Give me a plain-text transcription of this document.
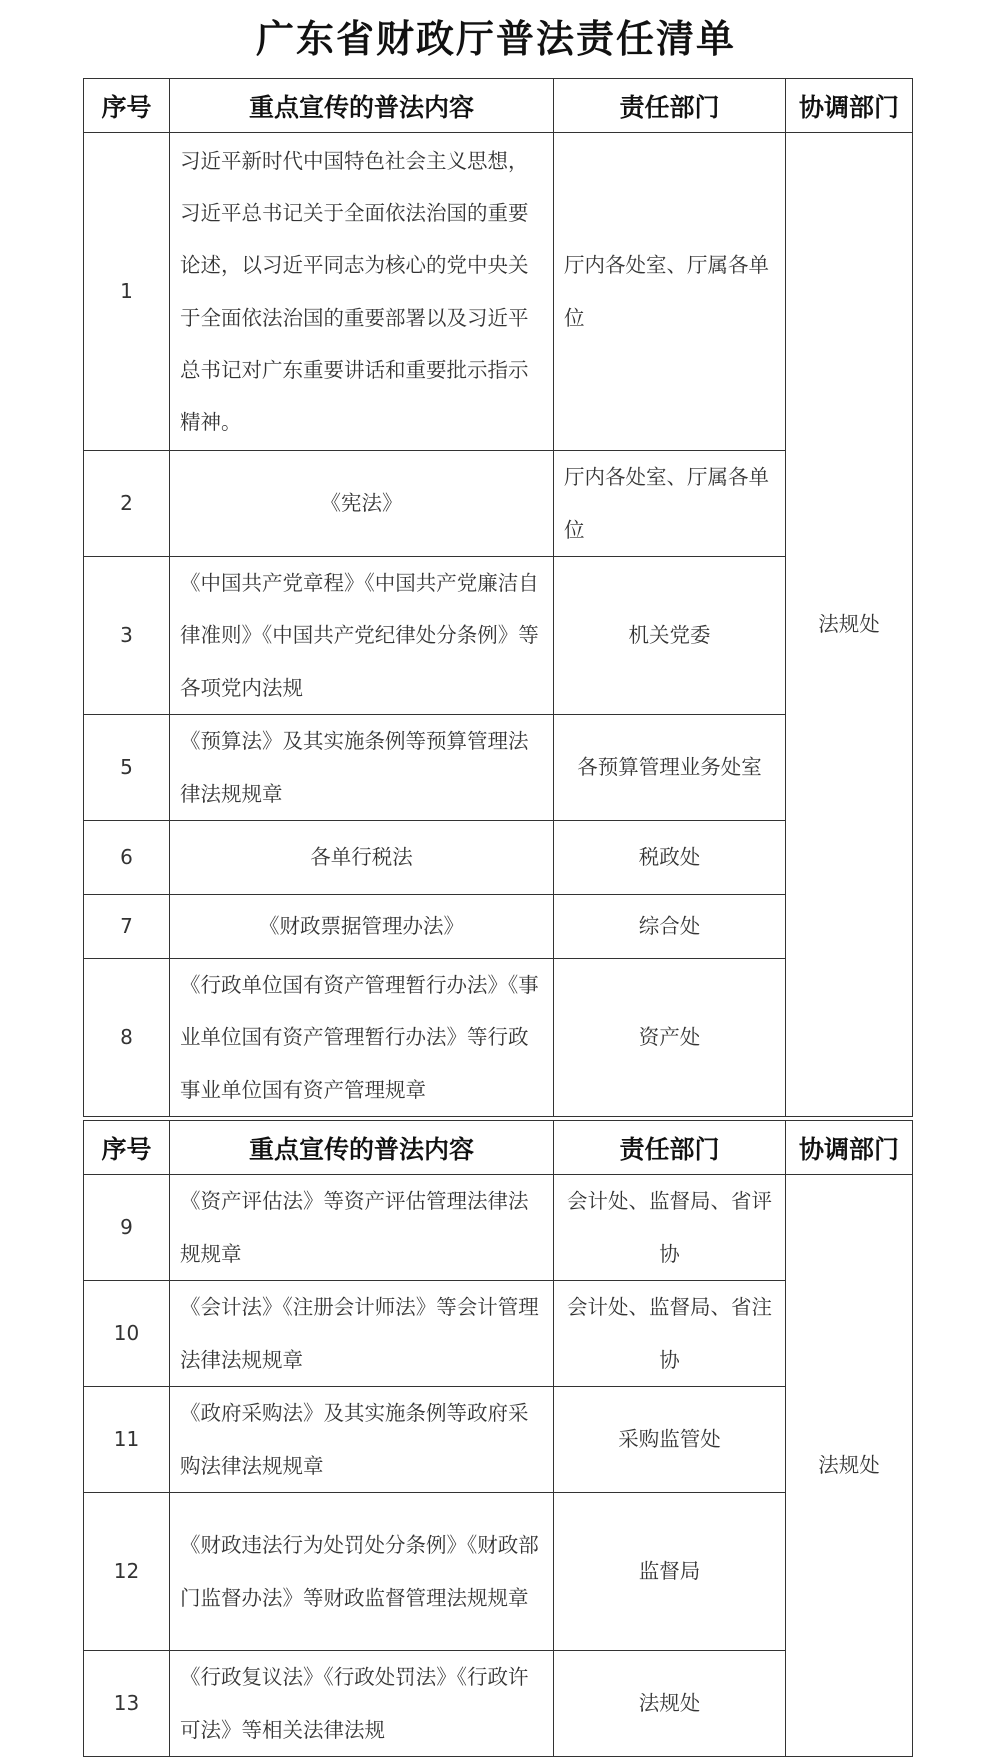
广东省财政厅普法责任清单
序号	重点宣传的普法内容	责任部门	协调部门
1	习近平新时代中国特色社会主义思想，习近平总书记关于全面依法治国的重要论述，以习近平同志为核心的党中央关于全面依法治国的重要部署以及习近平总书记对广东重要讲话和重要批示指示精神。	厅内各处室、厅属各单位	法规处
2	《宪法》	厅内各处室、厅属各单位	
3	《中国共产党章程》《中国共产党廉洁自律准则》《中国共产党纪律处分条例》等各项党内法规	机关党委	
5	《预算法》及其实施条例等预算管理法律法规规章	各预算管理业务处室	
6	各单行税法	税政处	
7	《财政票据管理办法》	综合处	
8	《行政单位国有资产管理暂行办法》《事业单位国有资产管理暂行办法》等行政事业单位国有资产管理规章	资产处	
序号	重点宣传的普法内容	责任部门	协调部门
9	《资产评估法》等资产评估管理法律法规规章	会计处、监督局、省评协	法规处
10	《会计法》《注册会计师法》等会计管理法律法规规章	会计处、监督局、省注协	
11	《政府采购法》及其实施条例等政府采购法律法规规章	采购监管处	
12	《财政违法行为处罚处分条例》《财政部门监督办法》等财政监督管理法规规章	监督局	
13	《行政复议法》《行政处罚法》《行政许可法》等相关法律法规	法规处	
